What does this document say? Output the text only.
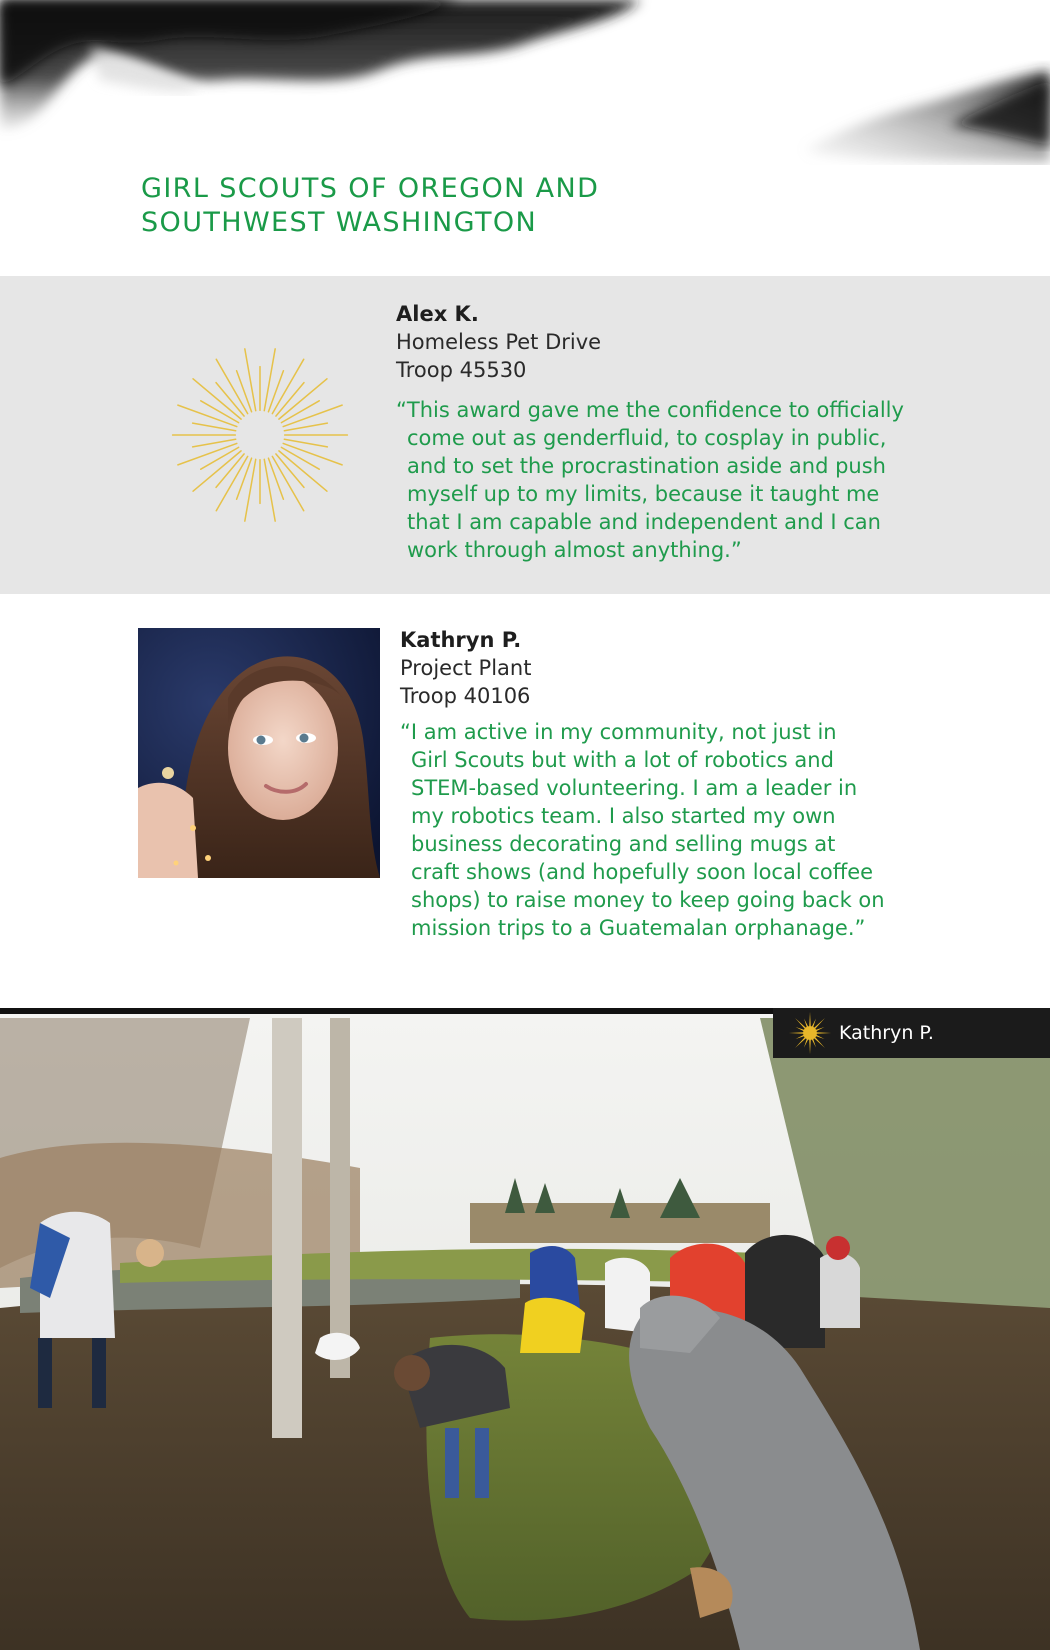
GIRL SCOUTS OF OREGON AND
SOUTHWEST WASHINGTON
Alex K.
Homeless Pet Drive
Troop 45530
“This award gave me the confidence to officially
come out as genderfluid, to cosplay in public,
and to set the procrastination aside and push
myself up to my limits, because it taught me
that I am capable and independent and I can
work through almost anything.”
Kathryn P.
Project Plant
Troop 40106
“I am active in my community, not just in
Girl Scouts but with a lot of robotics and
STEM-based volunteering. I am a leader in
my robotics team. I also started my own
business decorating and selling mugs at
craft shows (and hopefully soon local coffee
shops) to raise money to keep going back on
mission trips to a Guatemalan orphanage.”
Kathryn P.
